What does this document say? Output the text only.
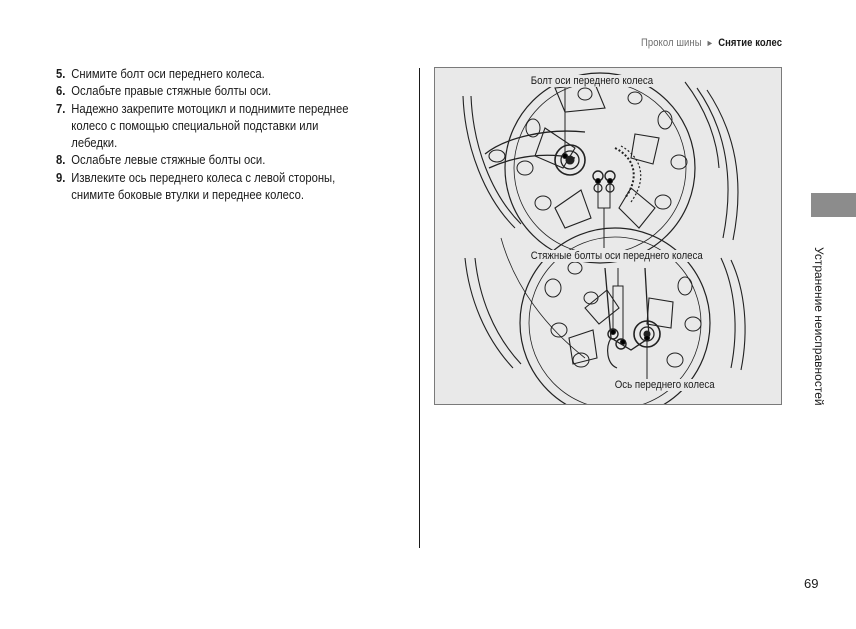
Прокол шины ► Снятие колес
5. Снимите болт оси переднего колеса.
6. Ослабьте правые стяжные болты оси.
7. Надежно закрепите мотоцикл и поднимите переднее
колесо с помощью специальной подставки или
лебедки.
8. Ослабьте левые стяжные болты оси.
9. Извлеките ось переднего колеса с левой стороны,
снимите боковые втулки и переднее колесо.
Болт оси переднего колеса
Стяжные болты оси переднего колеса
Ось переднего колеса	Устранение неисправностей
69
